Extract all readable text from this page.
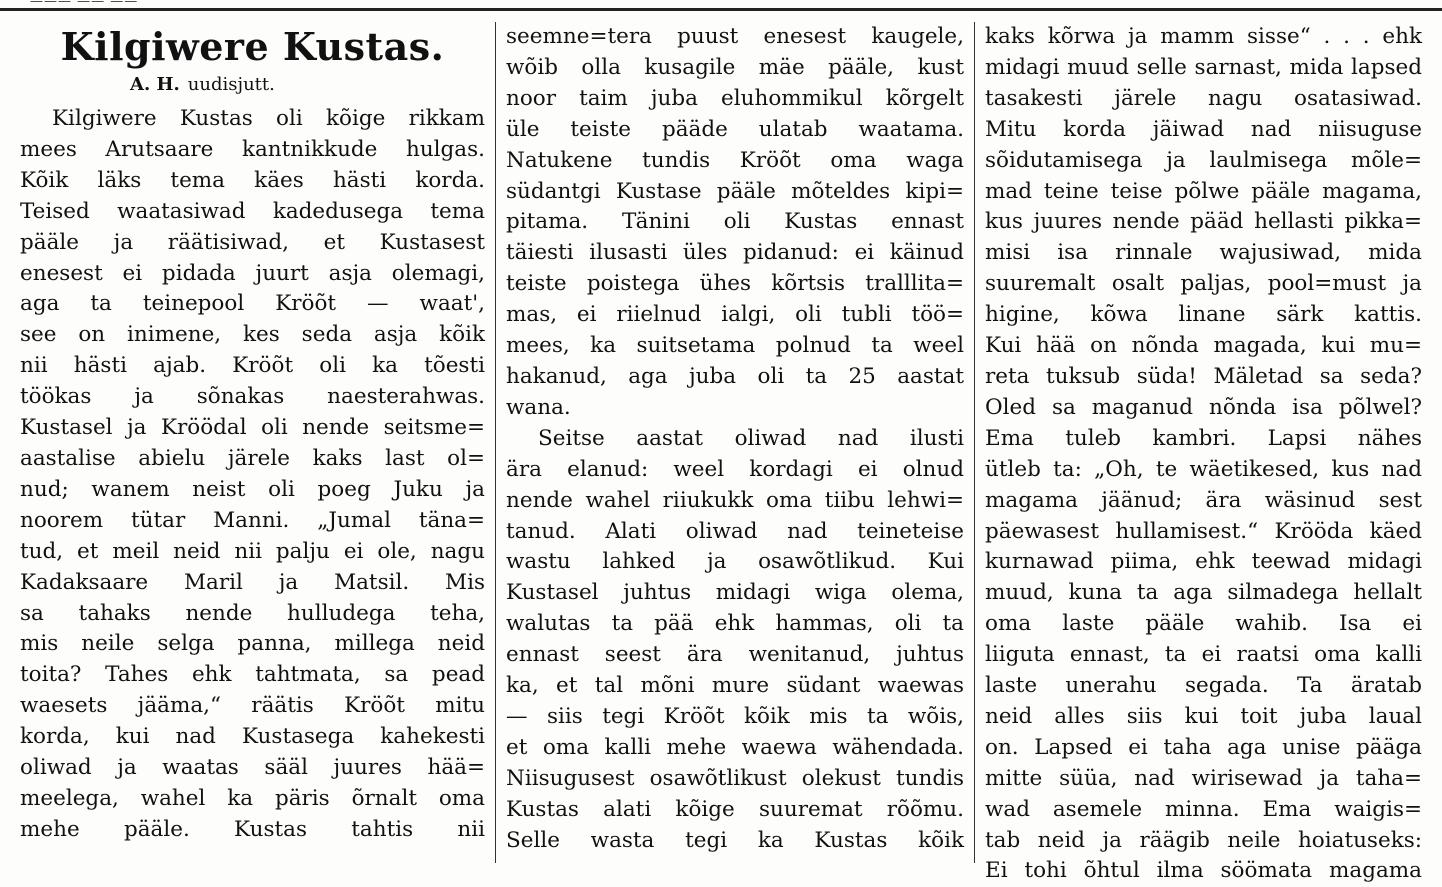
——— —— ——
Kilgiwere Kustas.
A. H. uudisjutt.
Kilgiwere Kustas oli kõige rikkam
mees Arutsaare kantnikkude hulgas.
Kõik läks tema käes hästi korda.
Teised waatasiwad kadedusega tema
pääle ja räätisiwad, et Kustasest
enesest ei pidada juurt asja olemagi,
aga ta teinepool Kröõt — waat',
see on inimene, kes seda asja kõik
nii hästi ajab. Kröõt oli ka tõesti
töökas ja sõnakas naesterahwas.
Kustasel ja Kröödal oli nende seitsme=
aastalise abielu järele kaks last ol=
nud; wanem neist oli poeg Juku ja
noorem tütar Manni. „Jumal täna=
tud, et meil neid nii palju ei ole, nagu
Kadaksaare Maril ja Matsil. Mis
sa tahaks nende hulludega teha,
mis neile selga panna, millega neid
toita? Tahes ehk tahtmata, sa pead
waesets jääma,“ räätis Kröõt mitu
korda, kui nad Kustasega kahekesti
oliwad ja waatas sääl juures hää=
meelega, wahel ka päris õrnalt oma
mehe pääle. Kustas tahtis nii
seemne=tera puust enesest kaugele,
wõib olla kusagile mäe pääle, kust
noor taim juba eluhommikul kõrgelt
üle teiste pääde ulatab waatama.
Natukene tundis Kröõt oma waga
südantgi Kustase pääle mõteldes kipi=
pitama. Tänini oli Kustas ennast
täiesti ilusasti üles pidanud: ei käinud
teiste poistega ühes kõrtsis tralllita=
mas, ei riielnud ialgi, oli tubli töö=
mees, ka suitsetama polnud ta weel
hakanud, aga juba oli ta 25 aastat
wana.
Seitse aastat oliwad nad ilusti
ära elanud: weel kordagi ei olnud
nende wahel riiukukk oma tiibu lehwi=
tanud. Alati oliwad nad teineteise
wastu lahked ja osawõtlikud. Kui
Kustasel juhtus midagi wiga olema,
walutas ta pää ehk hammas, oli ta
ennast seest ära wenitanud, juhtus
ka, et tal mõni mure südant waewas
— siis tegi Kröõt kõik mis ta wõis,
et oma kalli mehe waewa wähendada.
Niisugusest osawõtlikust olekust tundis
Kustas alati kõige suuremat rõõmu.
Selle wasta tegi ka Kustas kõik
kaks kõrwa ja mamm sisse“ . . . ehk
midagi muud selle sarnast, mida lapsed
tasakesti järele nagu osatasiwad.
Mitu korda jäiwad nad niisuguse
sõidutamisega ja laulmisega mõle=
mad teine teise põlwe pääle magama,
kus juures nende pääd hellasti pikka=
misi isa rinnale wajusiwad, mida
suuremalt osalt paljas, pool=must ja
higine, kõwa linane särk kattis.
Kui hää on nõnda magada, kui mu=
reta tuksub süda! Mäletad sa seda?
Oled sa maganud nõnda isa põlwel?
Ema tuleb kambri. Lapsi nähes
ütleb ta: „Oh, te wäetikesed, kus nad
magama jäänud; ära wäsinud sest
päewasest hullamisest.“ Krööda käed
kurnawad piima, ehk teewad midagi
muud, kuna ta aga silmadega hellalt
oma laste pääle wahib. Isa ei
liiguta ennast, ta ei raatsi oma kalli
laste unerahu segada. Ta äratab
neid alles siis kui toit juba laual
on. Lapsed ei taha aga unise pääga
mitte süüa, nad wirisewad ja taha=
wad asemele minna. Ema waigis=
tab neid ja räägib neile hoiatuseks:
Ei tohi õhtul ilma söömata magama
